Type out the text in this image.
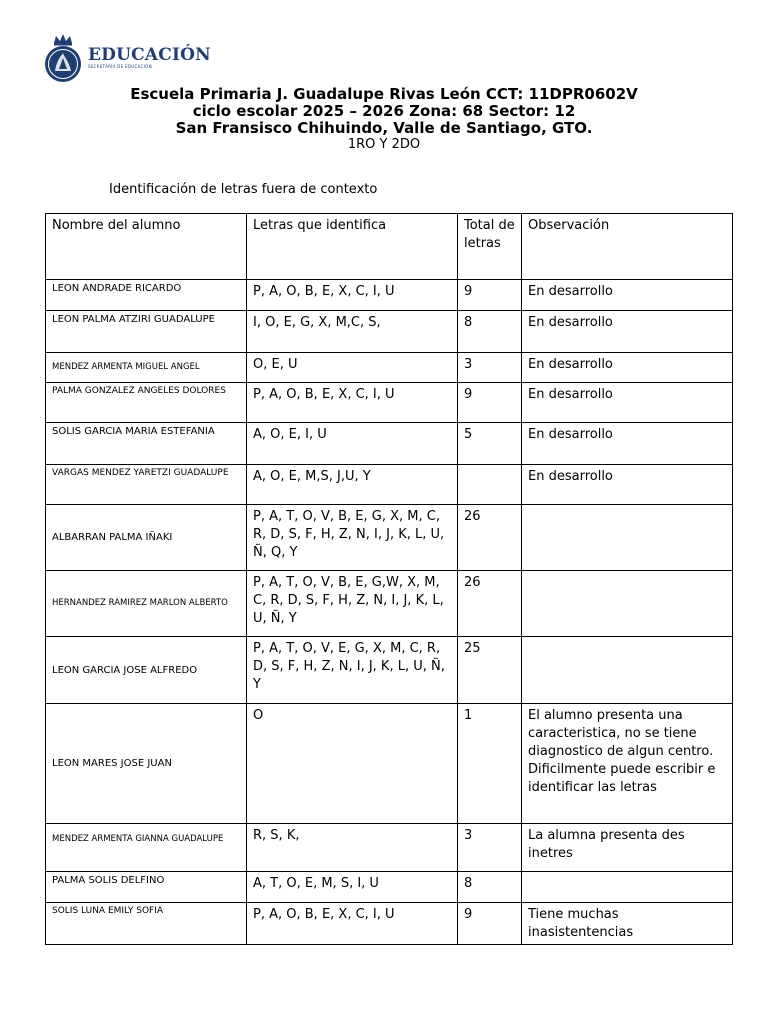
EDUCACIÓN
SECRETARÍA DE EDUCACIÓN
Escuela Primaria J. Guadalupe Rivas León CCT: 11DPR0602V
ciclo escolar 2025 – 2026 Zona: 68 Sector: 12
San Fransisco Chihuindo, Valle de Santiago, GTO.
1RO Y 2DO
Identificación de letras fuera de contexto
Nombre del alumno	Letras que identifica	Total de letras	Observación
LEON ANDRADE RICARDO	P, A, O, B, E, X, C, I, U	9	En desarrollo
LEON PALMA ATZIRI GUADALUPE	I, O, E, G, X, M,C, S,	8	En desarrollo
MENDEZ ARMENTA MIGUEL ANGEL	O, E, U	3	En desarrollo
PALMA GONZALEZ ANGELES DOLORES	P, A, O, B, E, X, C, I, U	9	En desarrollo
SOLIS GARCIA MARIA ESTEFANIA	A, O, E, I, U	5	En desarrollo
VARGAS MENDEZ YARETZI GUADALUPE	A, O, E, M,S, J,U, Y		En desarrollo
ALBARRAN PALMA IÑAKI	P, A, T, O, V, B, E, G, X, M, C, R, D, S, F, H, Z, N, I, J, K, L, U, Ñ, Q, Y	26	
HERNANDEZ RAMIREZ MARLON ALBERTO	P, A, T, O, V, B, E, G,W, X, M, C, R, D, S, F, H, Z, N, I, J, K, L, U, Ñ, Y	26	
LEON GARCIA JOSE ALFREDO	P, A, T, O, V, E, G, X, M, C, R, D, S, F, H, Z, N, I, J, K, L, U, Ñ, Y	25	
LEON MARES JOSE JUAN	O	1	El alumno presenta una caracteristica, no se tiene diagnostico de algun centro. Dificilmente puede escribir e identificar las letras
MENDEZ ARMENTA GIANNA GUADALUPE	R, S, K,	3	La alumna presenta des inetres
PALMA SOLIS DELFINO	A, T, O, E, M, S, I, U	8	
SOLIS LUNA EMILY SOFIA	P, A, O, B, E, X, C, I, U	9	Tiene muchas inasistentencias
